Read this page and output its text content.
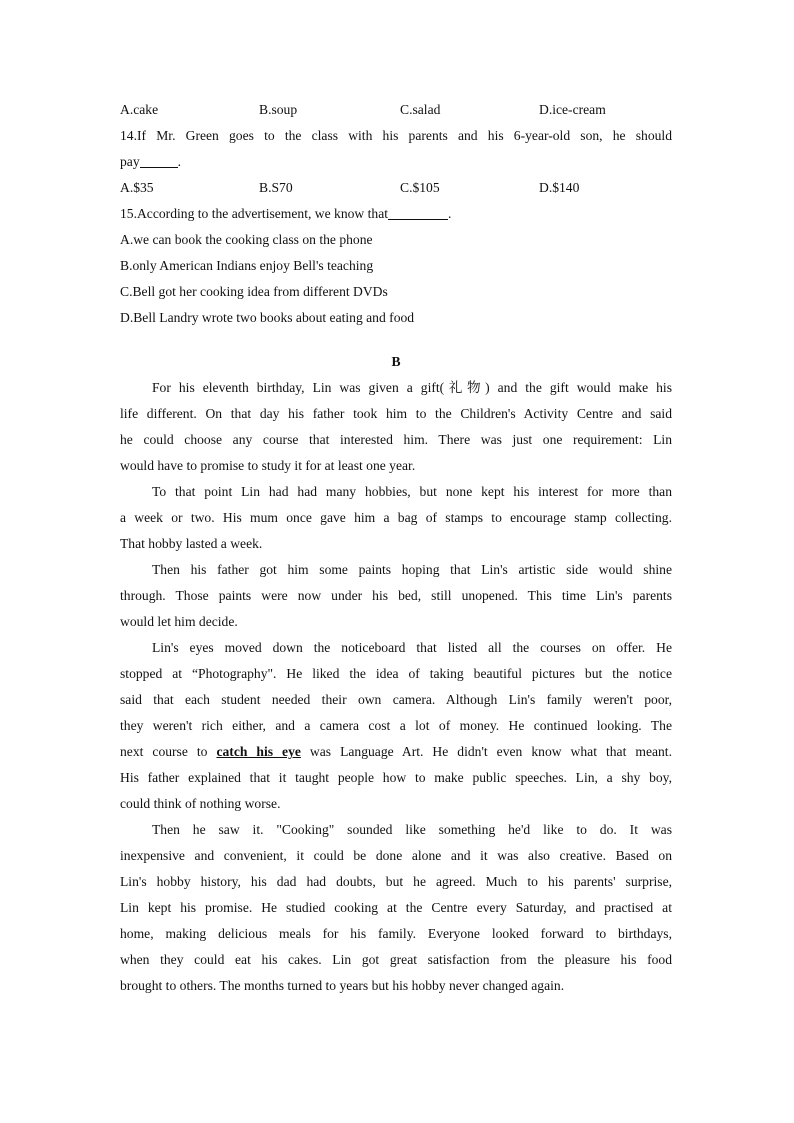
A.cake	B.soup	C.salad	D.ice-cream
14.If Mr. Green goes to the class with his parents and his 6-year-old son, he should
pay	.
A.$35	B.S70	C.$105	D.$140
15.According to the advertisement, we know that	.
A.we can book the cooking class on the phone
B.only American Indians enjoy Bell's teaching
C.Bell got her cooking idea from different DVDs
D.Bell Landry wrote two books about eating and food
B
For his eleventh birthday, Lin was given a gift(礼物) and the gift would make his
life different. On that day his father took him to the Children's Activity Centre and said
he could choose any course that interested him. There was just one requirement: Lin
would have to promise to study it for at least one year.
To that point Lin had had many hobbies, but none kept his interest for more than
a week or two. His mum once gave him a bag of stamps to encourage stamp collecting.
That hobby lasted a week.
Then his father got him some paints hoping that Lin's artistic side would shine
through. Those paints were now under his bed, still unopened. This time Lin's parents
would let him decide.
Lin's eyes moved down the noticeboard that listed all the courses on offer. He
stopped at “Photography". He liked the idea of taking beautiful pictures but the notice
said that each student needed their own camera. Although Lin's family weren't poor,
they weren't rich either, and a camera cost a lot of money. He continued looking. The
next course to catch his eye was Language Art. He didn't even know what that meant.
His father explained that it taught people how to make public speeches. Lin, a shy boy,
could think of nothing worse.
Then he saw it. "Cooking" sounded like something he'd like to do. It was
inexpensive and convenient, it could be done alone and it was also creative. Based on
Lin's hobby history, his dad had doubts, but he agreed. Much to his parents' surprise,
Lin kept his promise. He studied cooking at the Centre every Saturday, and practised at
home, making delicious meals for his family. Everyone looked forward to birthdays,
when they could eat his cakes. Lin got great satisfaction from the pleasure his food
brought to others. The months turned to years but his hobby never changed again.
